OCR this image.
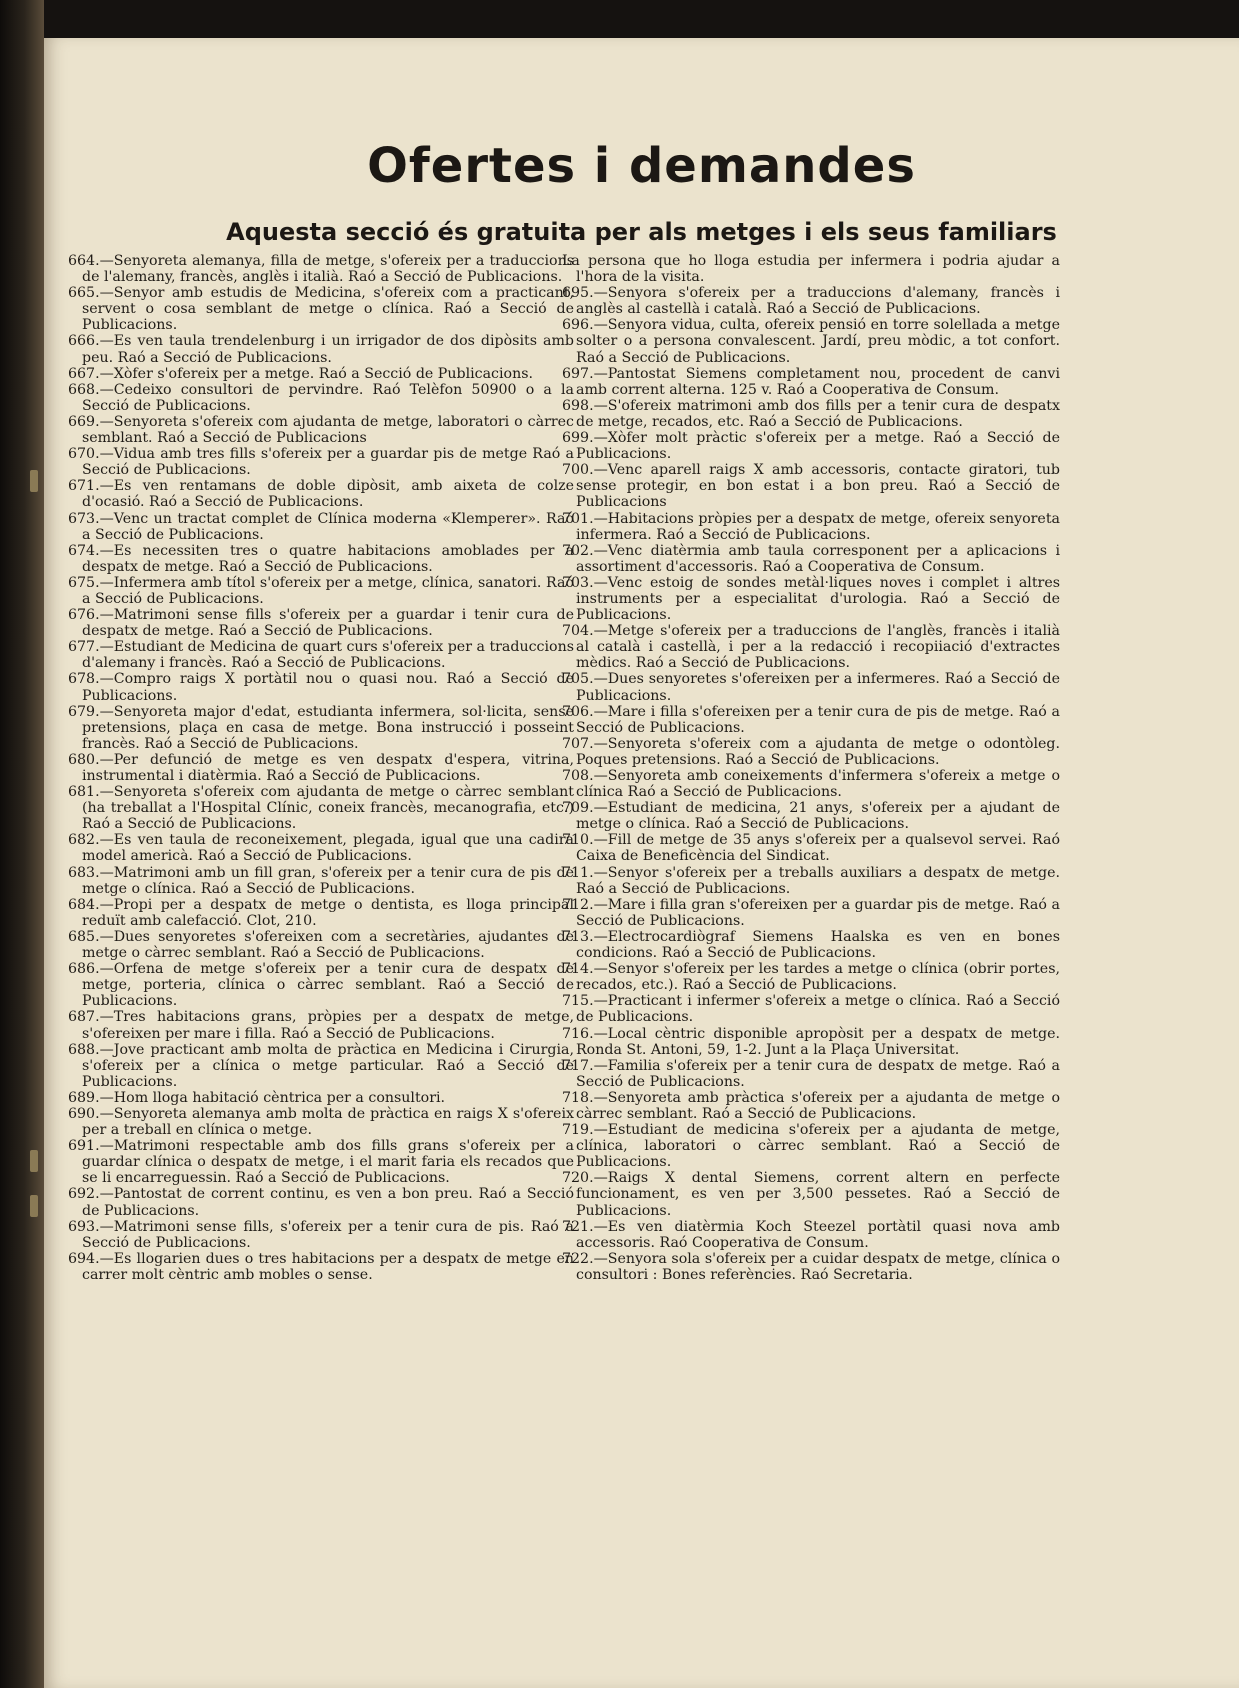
Ofertes i demandes
Aquesta secció és gratuita per als metges i els seus familiars

664.—Senyoreta alemanya, filla de metge, s'ofereix per a traduccions de l'alemany, francès, anglès i italià. Raó a Secció de Publicacions.

665.—Senyor amb estudis de Medicina, s'ofereix com a practicant, servent o cosa semblant de metge o clínica. Raó a Secció de Publicacions.

666.—Es ven taula trendelenburg i un irrigador de dos dipòsits amb peu. Raó a Secció de Publicacions.

667.—Xòfer s'ofereix per a metge. Raó a Secció de Publicacions.

668.—Cedeixo consultori de pervindre. Raó Telèfon 50900 o a la Secció de Publicacions.

669.—Senyoreta s'ofereix com ajudanta de metge, laboratori o càrrec semblant. Raó a Secció de Publicacions

670.—Vidua amb tres fills s'ofereix per a guardar pis de metge Raó a Secció de Publicacions.

671.—Es ven rentamans de doble dipòsit, amb aixeta de colze d'ocasió. Raó a Secció de Publicacions.

673.—Venc un tractat complet de Clínica moderna «Klemperer». Raó a Secció de Publicacions.

674.—Es necessiten tres o quatre habitacions amoblades per a despatx de metge. Raó a Secció de Publicacions.

675.—Infermera amb títol s'ofereix per a metge, clínica, sanatori. Raó a Secció de Publicacions.

676.—Matrimoni sense fills s'ofereix per a guardar i tenir cura de despatx de metge. Raó a Secció de Publicacions.

677.—Estudiant de Medicina de quart curs s'ofereix per a traduccions d'alemany i francès. Raó a Secció de Publicacions.

678.—Compro raigs X portàtil nou o quasi nou. Raó a Secció de Publicacions.

679.—Senyoreta major d'edat, estudianta infermera, sol·licita, sense pretensions, plaça en casa de metge. Bona instrucció i posseint francès. Raó a Secció de Publicacions.

680.—Per defunció de metge es ven despatx d'espera, vitrina, instrumental i diatèrmia. Raó a Secció de Publicacions.

681.—Senyoreta s'ofereix com ajudanta de metge o càrrec semblant (ha treballat a l'Hospital Clínic, coneix francès, mecanografia, etc.) Raó a Secció de Publicacions.

682.—Es ven taula de reconeixement, plegada, igual que una cadira model americà. Raó a Secció de Publicacions.

683.—Matrimoni amb un fill gran, s'ofereix per a tenir cura de pis de metge o clínica. Raó a Secció de Publicacions.

684.—Propi per a despatx de metge o dentista, es lloga principal reduït amb calefacció. Clot, 210.

685.—Dues senyoretes s'ofereixen com a secretàries, ajudantes de metge o càrrec semblant. Raó a Secció de Publicacions.

686.—Orfena de metge s'ofereix per a tenir cura de despatx de metge, porteria, clínica o càrrec semblant. Raó a Secció de Publicacions.

687.—Tres habitacions grans, pròpies per a despatx de metge, s'ofereixen per mare i filla. Raó a Secció de Publicacions.

688.—Jove practicant amb molta de pràctica en Medicina i Cirurgia, s'ofereix per a clínica o metge particular. Raó a Secció de Publicacions.

689.—Hom lloga habitació cèntrica per a consultori.

690.—Senyoreta alemanya amb molta de pràctica en raigs X s'ofereix per a treball en clínica o metge.

691.—Matrimoni respectable amb dos fills grans s'ofereix per a guardar clínica o despatx de metge, i el marit faria els recados que se li encarreguessin. Raó a Secció de Publicacions.

692.—Pantostat de corrent continu, es ven a bon preu. Raó a Secció de Publicacions.

693.—Matrimoni sense fills, s'ofereix per a tenir cura de pis. Raó a Secció de Publicacions.

694.—Es llogarien dues o tres habitacions per a despatx de metge en carrer molt cèntric amb mobles o sense.

La persona que ho lloga estudia per infermera i podria ajudar a l'hora de la visita.

695.—Senyora s'ofereix per a traduccions d'alemany, francès i anglès al castellà i català. Raó a Secció de Publicacions.

696.—Senyora vidua, culta, ofereix pensió en torre solellada a metge solter o a persona convalescent. Jardí, preu mòdic, a tot confort. Raó a Secció de Publicacions.

697.—Pantostat Siemens completament nou, procedent de canvi amb corrent alterna. 125 v. Raó a Cooperativa de Consum.

698.—S'ofereix matrimoni amb dos fills per a tenir cura de despatx de metge, recados, etc. Raó a Secció de Publicacions.

699.—Xòfer molt pràctic s'ofereix per a metge. Raó a Secció de Publicacions.

700.—Venc aparell raigs X amb accessoris, contacte giratori, tub sense protegir, en bon estat i a bon preu. Raó a Secció de Publicacions

701.—Habitacions pròpies per a despatx de metge, ofereix senyoreta infermera. Raó a Secció de Publicacions.

702.—Venc diatèrmia amb taula corresponent per a aplicacions i assortiment d'accessoris. Raó a Cooperativa de Consum.

703.—Venc estoig de sondes metàl·liques noves i complet i altres instruments per a especialitat d'urologia. Raó a Secció de Publicacions.

704.—Metge s'ofereix per a traduccions de l'anglès, francès i italià al català i castellà, i per a la redacció i recopiiació d'extractes mèdics. Raó a Secció de Publicacions.

705.—Dues senyoretes s'ofereixen per a infermeres. Raó a Secció de Publicacions.

706.—Mare i filla s'ofereixen per a tenir cura de pis de metge. Raó a Secció de Publicacions.

707.—Senyoreta s'ofereix com a ajudanta de metge o odontòleg. Poques pretensions. Raó a Secció de Publicacions.

708.—Senyoreta amb coneixements d'infermera s'ofereix a metge o clínica Raó a Secció de Publicacions.

709.—Estudiant de medicina, 21 anys, s'ofereix per a ajudant de metge o clínica. Raó a Secció de Publicacions.

710.—Fill de metge de 35 anys s'ofereix per a qualsevol servei. Raó Caixa de Beneficència del Sindicat.

711.—Senyor s'ofereix per a treballs auxiliars a despatx de metge. Raó a Secció de Publicacions.

712.—Mare i filla gran s'ofereixen per a guardar pis de metge. Raó a Secció de Publicacions.

713.—Electrocardiògraf Siemens Haalska es ven en bones condicions. Raó a Secció de Publicacions.

714.—Senyor s'ofereix per les tardes a metge o clínica (obrir portes, recados, etc.). Raó a Secció de Publicacions.

715.—Practicant i infermer s'ofereix a metge o clínica. Raó a Secció de Publicacions.

716.—Local cèntric disponible apropòsit per a despatx de metge. Ronda St. Antoni, 59, 1-2. Junt a la Plaça Universitat.

717.—Familia s'ofereix per a tenir cura de despatx de metge. Raó a Secció de Publicacions.

718.—Senyoreta amb pràctica s'ofereix per a ajudanta de metge o càrrec semblant. Raó a Secció de Publicacions.

719.—Estudiant de medicina s'ofereix per a ajudanta de metge, clínica, laboratori o càrrec semblant. Raó a Secció de Publicacions.

720.—Raigs X dental Siemens, corrent altern en perfecte funcionament, es ven per 3,500 pessetes. Raó a Secció de Publicacions.

721.—Es ven diatèrmia Koch Steezel portàtil quasi nova amb accessoris. Raó Cooperativa de Consum.

722.—Senyora sola s'ofereix per a cuidar despatx de metge, clínica o consultori : Bones referències. Raó Secretaria.
